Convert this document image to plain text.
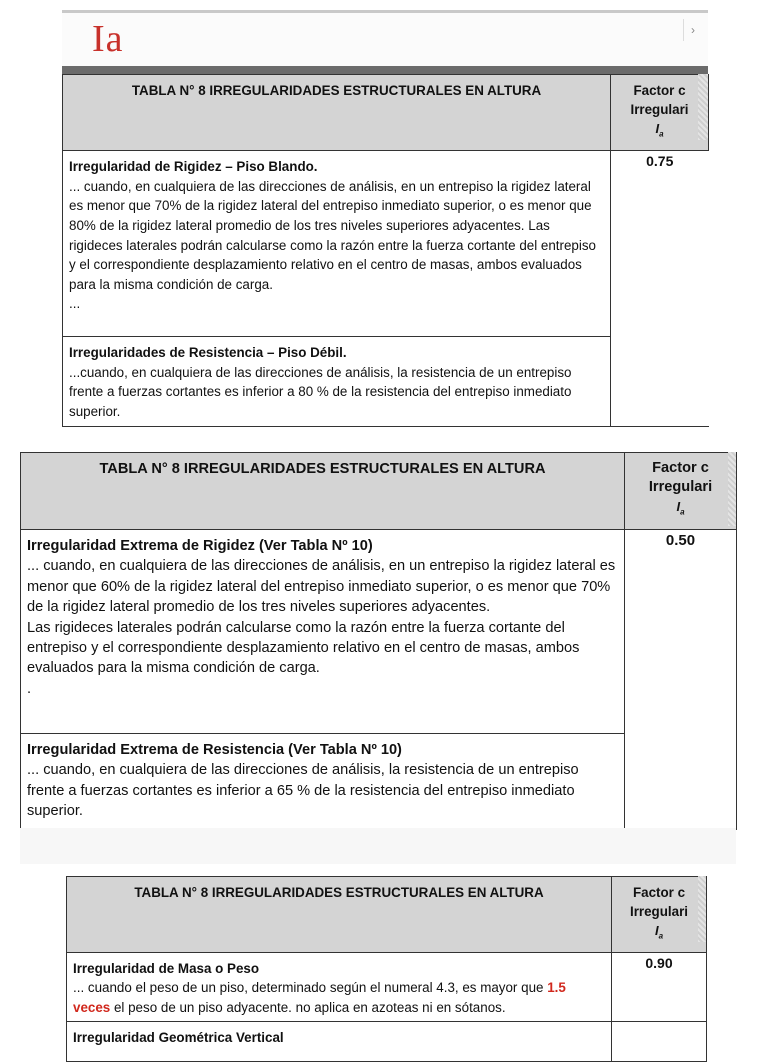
Ia	›
TABLA N° 8 IRREGULARIDADES ESTRUCTURALES EN ALTURA	Factor c
Irregulari
$I_a$

Irregularidad de Rigidez – Piso Blando.
... cuando, en cualquiera de las direcciones de análisis, en un entrepiso la rigidez lateral es menor que 70% de la rigidez lateral del entrepiso inmediato superior, o es menor que 80% de la rigidez lateral promedio de los tres niveles superiores adyacentes. Las rigideces laterales podrán calcularse como la razón entre la fuerza cortante del entrepiso y el correspondiente desplazamiento relativo en el centro de masas, ambos evaluados para la misma condición de carga.
...	0.75

Irregularidades de Resistencia – Piso Débil.
...cuando, en cualquiera de las direcciones de análisis, la resistencia de un entrepiso frente a fuerzas cortantes es inferior a 80 % de la resistencia del entrepiso inmediato superior.	
TABLA N° 8 IRREGULARIDADES ESTRUCTURALES EN ALTURA	Factor c
Irregulari
$I_a$

Irregularidad Extrema de Rigidez (Ver Tabla Nº 10)
... cuando, en cualquiera de las direcciones de análisis, en un entrepiso la rigidez lateral es menor que 60% de la rigidez lateral del entrepiso inmediato superior, o es menor que 70% de la rigidez lateral promedio de los tres niveles superiores adyacentes.
Las rigideces laterales podrán calcularse como la razón entre la fuerza cortante del entrepiso y el correspondiente desplazamiento relativo en el centro de masas, ambos evaluados para la misma condición de carga.
.	0.50

Irregularidad Extrema de Resistencia (Ver Tabla Nº 10)
... cuando, en cualquiera de las direcciones de análisis, la resistencia de un entrepiso frente a fuerzas cortantes es inferior a 65 % de la resistencia del entrepiso inmediato superior.	
TABLA N° 8 IRREGULARIDADES ESTRUCTURALES EN ALTURA	Factor c
Irregulari
$I_a$

Irregularidad de Masa o Peso
... cuando el peso de un piso, determinado según el numeral 4.3, es mayor que 1.5 veces el peso de un piso adyacente. no aplica en azoteas ni en sótanos.	0.90

Irregularidad Geométrica Vertical	
